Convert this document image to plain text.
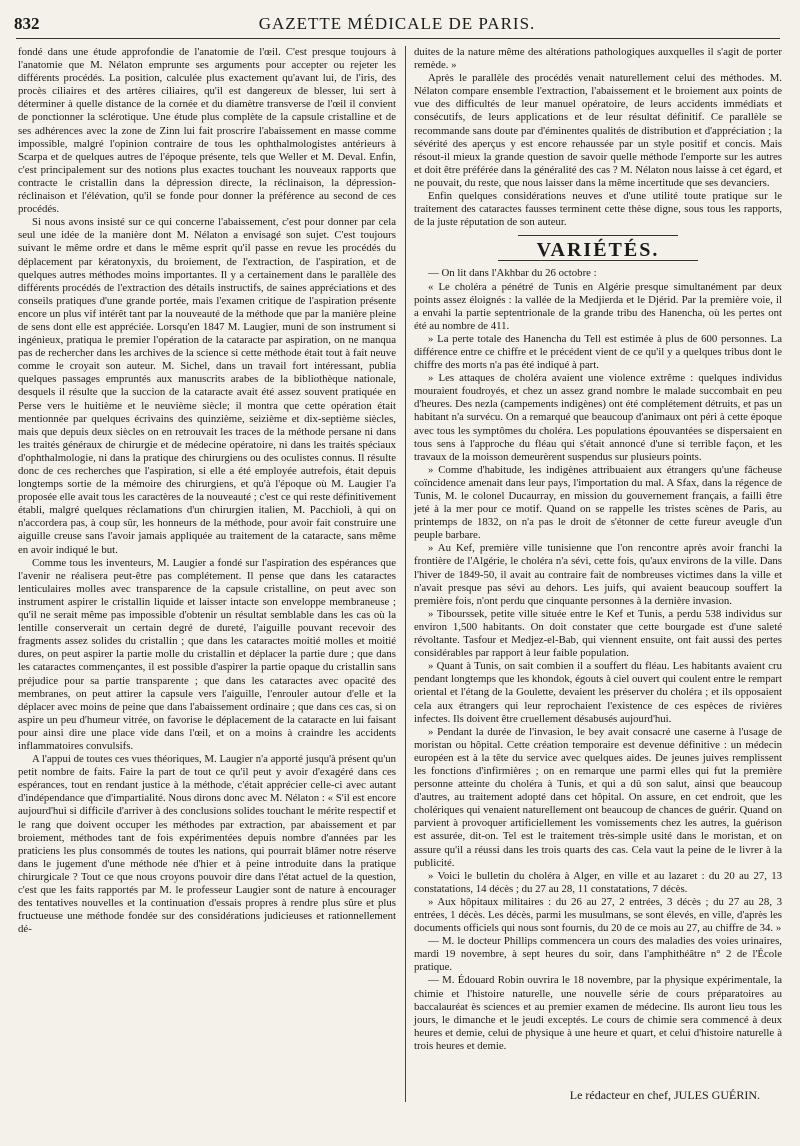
832	GAZETTE MÉDICALE DE PARIS.

fondé dans une étude approfondie de l'anatomie de l'œil. C'est presque toujours à l'anatomie que M. Nélaton emprunte ses arguments pour accepter ou rejeter les différents procédés. La position, calculée plus exactement qu'avant lui, de l'iris, des procès ciliaires et des artères ciliaires, qu'il est dangereux de blesser, lui sert à déterminer à quelle distance de la cornée et du diamètre transverse de l'œil il convient de ponctionner la sclérotique. Une étude plus complète de la capsule cristalline et de ses adhérences avec la zone de Zinn lui fait proscrire l'abaissement en masse comme impossible, malgré l'opinion contraire de tous les ophthalmologistes antérieurs à Scarpa et de quelques autres de l'époque présente, tels que Weller et M. Deval. Enfin, c'est principalement sur des notions plus exactes touchant les nouveaux rapports que contracte le cristallin dans la dépression directe, la réclinaison, la dépression-réclinaison et l'élévation, qu'il se fonde pour donner la préférence au second de ces procédés.

Si nous avons insisté sur ce qui concerne l'abaissement, c'est pour donner par cela seul une idée de la manière dont M. Nélaton a envisagé son sujet. C'est toujours suivant le même ordre et dans le même esprit qu'il passe en revue les procédés du déplacement par kératonyxis, du broiement, de l'extraction, de l'aspiration, et de quelques autres méthodes moins importantes. Il y a certainement dans le parallèle des différents procédés de l'extraction des détails instructifs, de saines appréciations et des conseils pratiques d'une grande portée, mais l'examen critique de l'aspiration présente encore un plus vif intérêt tant par la nouveauté de la méthode que par la manière pleine de sens dont elle est appréciée. Lorsqu'en 1847 M. Laugier, muni de son instrument si ingénieux, pratiqua le premier l'opération de la cataracte par aspiration, on ne manqua pas de rechercher dans les archives de la science si cette méthode était tout à fait neuve comme le croyait son auteur. M. Sichel, dans un travail fort intéressant, publia quelques passages empruntés aux manuscrits arabes de la bibliothèque nationale, desquels il résulte que la succion de la cataracte avait été assez souvent pratiquée en Perse vers le huitième et le neuvième siècle; il montra que cette opération était mentionnée par quelques écrivains des quinzième, seizième et dix-septième siècles, mais que depuis deux siècles on en retrouvait les traces de la méthode persane ni dans les traités généraux de chirurgie et de médecine opératoire, ni dans les traités spéciaux d'ophthalmologie, ni dans la pratique des chirurgiens ou des oculistes connus. Il résulte donc de ces recherches que l'aspiration, si elle a été employée autrefois, était depuis longtemps sortie de la mémoire des chirurgiens, et qu'à l'époque où M. Laugier l'a proposée elle avait tous les caractères de la nouveauté ; c'est ce qui reste définitivement établi, malgré quelques réclamations d'un chirurgien italien, M. Pacchioli, à qui on n'accordera pas, à coup sûr, les honneurs de la méthode, pour avoir fait construire une aiguille creuse sans l'avoir jamais appliquée au traitement de la cataracte, sans même en avoir indiqué le but.

Comme tous les inventeurs, M. Laugier a fondé sur l'aspiration des espérances que l'avenir ne réalisera peut-être pas complétement. Il pense que dans les cataractes lenticulaires molles avec transparence de la capsule cristalline, on peut avec son instrument aspirer le cristallin liquide et laisser intacte son enveloppe membraneuse ; qu'il ne serait même pas impossible d'obtenir un résultat semblable dans les cas où la lentille conserverait un certain degré de dureté, l'aiguille pouvant recevoir des fragments assez solides du cristallin ; que dans les cataractes moitié molles et moitié dures, on peut aspirer la partie molle du cristallin et déplacer la partie dure ; que dans les cataractes commençantes, il est possible d'aspirer la partie opaque du cristallin sans préjudice pour sa partie transparente ; que dans les cataractes avec opacité des membranes, on peut attirer la capsule vers l'aiguille, l'enrouler autour d'elle et la déplacer avec moins de peine que dans l'abaissement ordinaire ; que dans ces cas, si on aspire un peu d'humeur vitrée, on favorise le déplacement de la cataracte en lui faisant pour ainsi dire une place vide dans l'œil, et on a moins à craindre les accidents inflammatoires convulsifs.

A l'appui de toutes ces vues théoriques, M. Laugier n'a apporté jusqu'à présent qu'un petit nombre de faits. Faire la part de tout ce qu'il peut y avoir d'exagéré dans ces espérances, tout en rendant justice à la méthode, c'était apprécier celle-ci avec autant d'indépendance que d'impartialité. Nous dirons donc avec M. Nélaton : « S'il est encore aujourd'hui si difficile d'arriver à des conclusions solides touchant le mérite respectif et le rang que doivent occuper les méthodes par extraction, par abaissement et par broiement, méthodes tant de fois expérimentées depuis nombre d'années par les praticiens les plus consommés de toutes les nations, qui pourrait blâmer notre réserve dans le jugement d'une méthode née d'hier et à peine introduite dans la pratique chirurgicale ? Tout ce que nous croyons pouvoir dire dans l'état actuel de la question, c'est que les faits rapportés par M. le professeur Laugier sont de nature à encourager des tentatives nouvelles et la continuation d'essais propres à rendre plus sûre et plus fructueuse une méthode fondée sur des considérations judicieuses et rationnellement dé-

duites de la nature même des altérations pathologiques auxquelles il s'agit de porter remède. »

Après le parallèle des procédés venait naturellement celui des méthodes. M. Nélaton compare ensemble l'extraction, l'abaissement et le broiement aux points de vue des difficultés de leur manuel opératoire, de leurs accidents immédiats et consécutifs, de leurs applications et de leur résultat définitif. Ce parallèle se recommande sans doute par d'éminentes qualités de distribution et d'appréciation ; la sévérité des aperçus y est encore rehaussée par un style positif et concis. Mais résout-il mieux la grande question de savoir quelle méthode l'emporte sur les autres et doit être préférée dans la généralité des cas ? M. Nélaton nous laisse à cet égard, et ne pouvait, du reste, que nous laisser dans la même incertitude que ses devanciers.

Enfin quelques considérations neuves et d'une utilité toute pratique sur le traitement des cataractes fausses terminent cette thèse digne, sous tous les rapports, de la juste réputation de son auteur.

VARIÉTÉS.

— On lit dans l'Akhbar du 26 octobre :

« Le choléra a pénétré de Tunis en Algérie presque simultanément par deux points assez éloignés : la vallée de la Medjierda et le Djérid. Par la première voie, il a envahi la partie septentrionale de la grande tribu des Hanencha, où les pertes ont été au nombre de 411.

» La perte totale des Hanencha du Tell est estimée à plus de 600 personnes. La différence entre ce chiffre et le précédent vient de ce qu'il y a quelques tribus dont le chiffre des morts n'a pas été indiqué à part.

» Les attaques de choléra avaient une violence extrême : quelques individus mouraient foudroyés, et chez un assez grand nombre le malade succombait en peu d'heures. Des nezla (campements indigènes) ont été complétement détruits, et pas un habitant n'a survécu. On a remarqué que beaucoup d'animaux ont péri à cette époque avec tous les symptômes du choléra. Les populations épouvantées se dispersaient en tous sens à l'approche du fléau qui s'était annoncé d'une si terrible façon, et les travaux de la moisson demeurèrent suspendus sur plusieurs points.

» Comme d'habitude, les indigènes attribuaient aux étrangers qu'une fâcheuse coïncidence amenait dans leur pays, l'importation du mal. A Sfax, dans la régence de Tunis, M. le colonel Ducaurray, en mission du gouvernement français, a failli être jeté à la mer pour ce motif. Quand on se rappelle les tristes scènes de Paris, au printemps de 1832, on n'a pas le droit de s'étonner de cette fureur aveugle d'un peuple barbare.

» Au Kef, première ville tunisienne que l'on rencontre après avoir franchi la frontière de l'Algérie, le choléra n'a sévi, cette fois, qu'aux environs de la ville. Dans l'hiver de 1849-50, il avait au contraire fait de nombreuses victimes dans la ville et n'avait presque pas sévi au dehors. Les juifs, qui avaient beaucoup souffert la première fois, n'ont perdu que cinquante personnes à la dernière invasion.

» Tibourssek, petite ville située entre le Kef et Tunis, a perdu 538 individus sur environ 1,500 habitants. On doit constater que cette bourgade est d'une saleté révoltante. Tasfour et Medjez-el-Bab, qui viennent ensuite, ont fait aussi des pertes considérables par rapport à leur faible population.

» Quant à Tunis, on sait combien il a souffert du fléau. Les habitants avaient cru pendant longtemps que les khondok, égouts à ciel ouvert qui coulent entre le rempart oriental et l'étang de la Goulette, devaient les préserver du choléra ; et ils opposaient cela aux étrangers qui leur reprochaient l'existence de ces espèces de rivières infectes. Ils doivent être cruellement désabusés aujourd'hui.

» Pendant la durée de l'invasion, le bey avait consacré une caserne à l'usage de moristan ou hôpital. Cette création temporaire est devenue définitive : un médecin européen est à la tête du service avec quelques aides. De jeunes juives remplissent les fonctions d'infirmières ; on en remarque une parmi elles qui fut la première personne atteinte du choléra à Tunis, et qui a dû son salut, ainsi que beaucoup d'autres, au traitement adopté dans cet hôpital. On assure, en cet endroit, que les cholériques qui venaient naturellement ont beaucoup de chances de guérir. Quand on parvient à provoquer artificiellement les vomissements chez les autres, la guérison est assurée, dit-on. Tel est le traitement très-simple usité dans le moristan, et on assure qu'il a réussi dans les trois quarts des cas. Cela vaut la peine de le livrer à la publicité.

» Voici le bulletin du choléra à Alger, en ville et au lazaret : du 20 au 27, 13 constatations, 14 décès ; du 27 au 28, 11 constatations, 7 décès.

» Aux hôpitaux militaires : du 26 au 27, 2 entrées, 3 décès ; du 27 au 28, 3 entrées, 1 décès. Les décès, parmi les musulmans, se sont élevés, en ville, d'après les documents officiels qui nous sont fournis, du 20 de ce mois au 27, au chiffre de 34. »

— M. le docteur Phillips commencera un cours des maladies des voies urinaires, mardi 19 novembre, à sept heures du soir, dans l'amphithéâtre n° 2 de l'École pratique.

— M. Édouard Robin ouvrira le 18 novembre, par la physique expérimentale, la chimie et l'histoire naturelle, une nouvelle série de cours préparatoires au baccalauréat ès sciences et au premier examen de médecine. Ils auront lieu tous les jours, le dimanche et le jeudi exceptés. Le cours de chimie sera commencé à deux heures et demie, celui de physique à une heure et quart, et celui d'histoire naturelle à trois heures et demie.

Le rédacteur en chef, JULES GUÉRIN.
